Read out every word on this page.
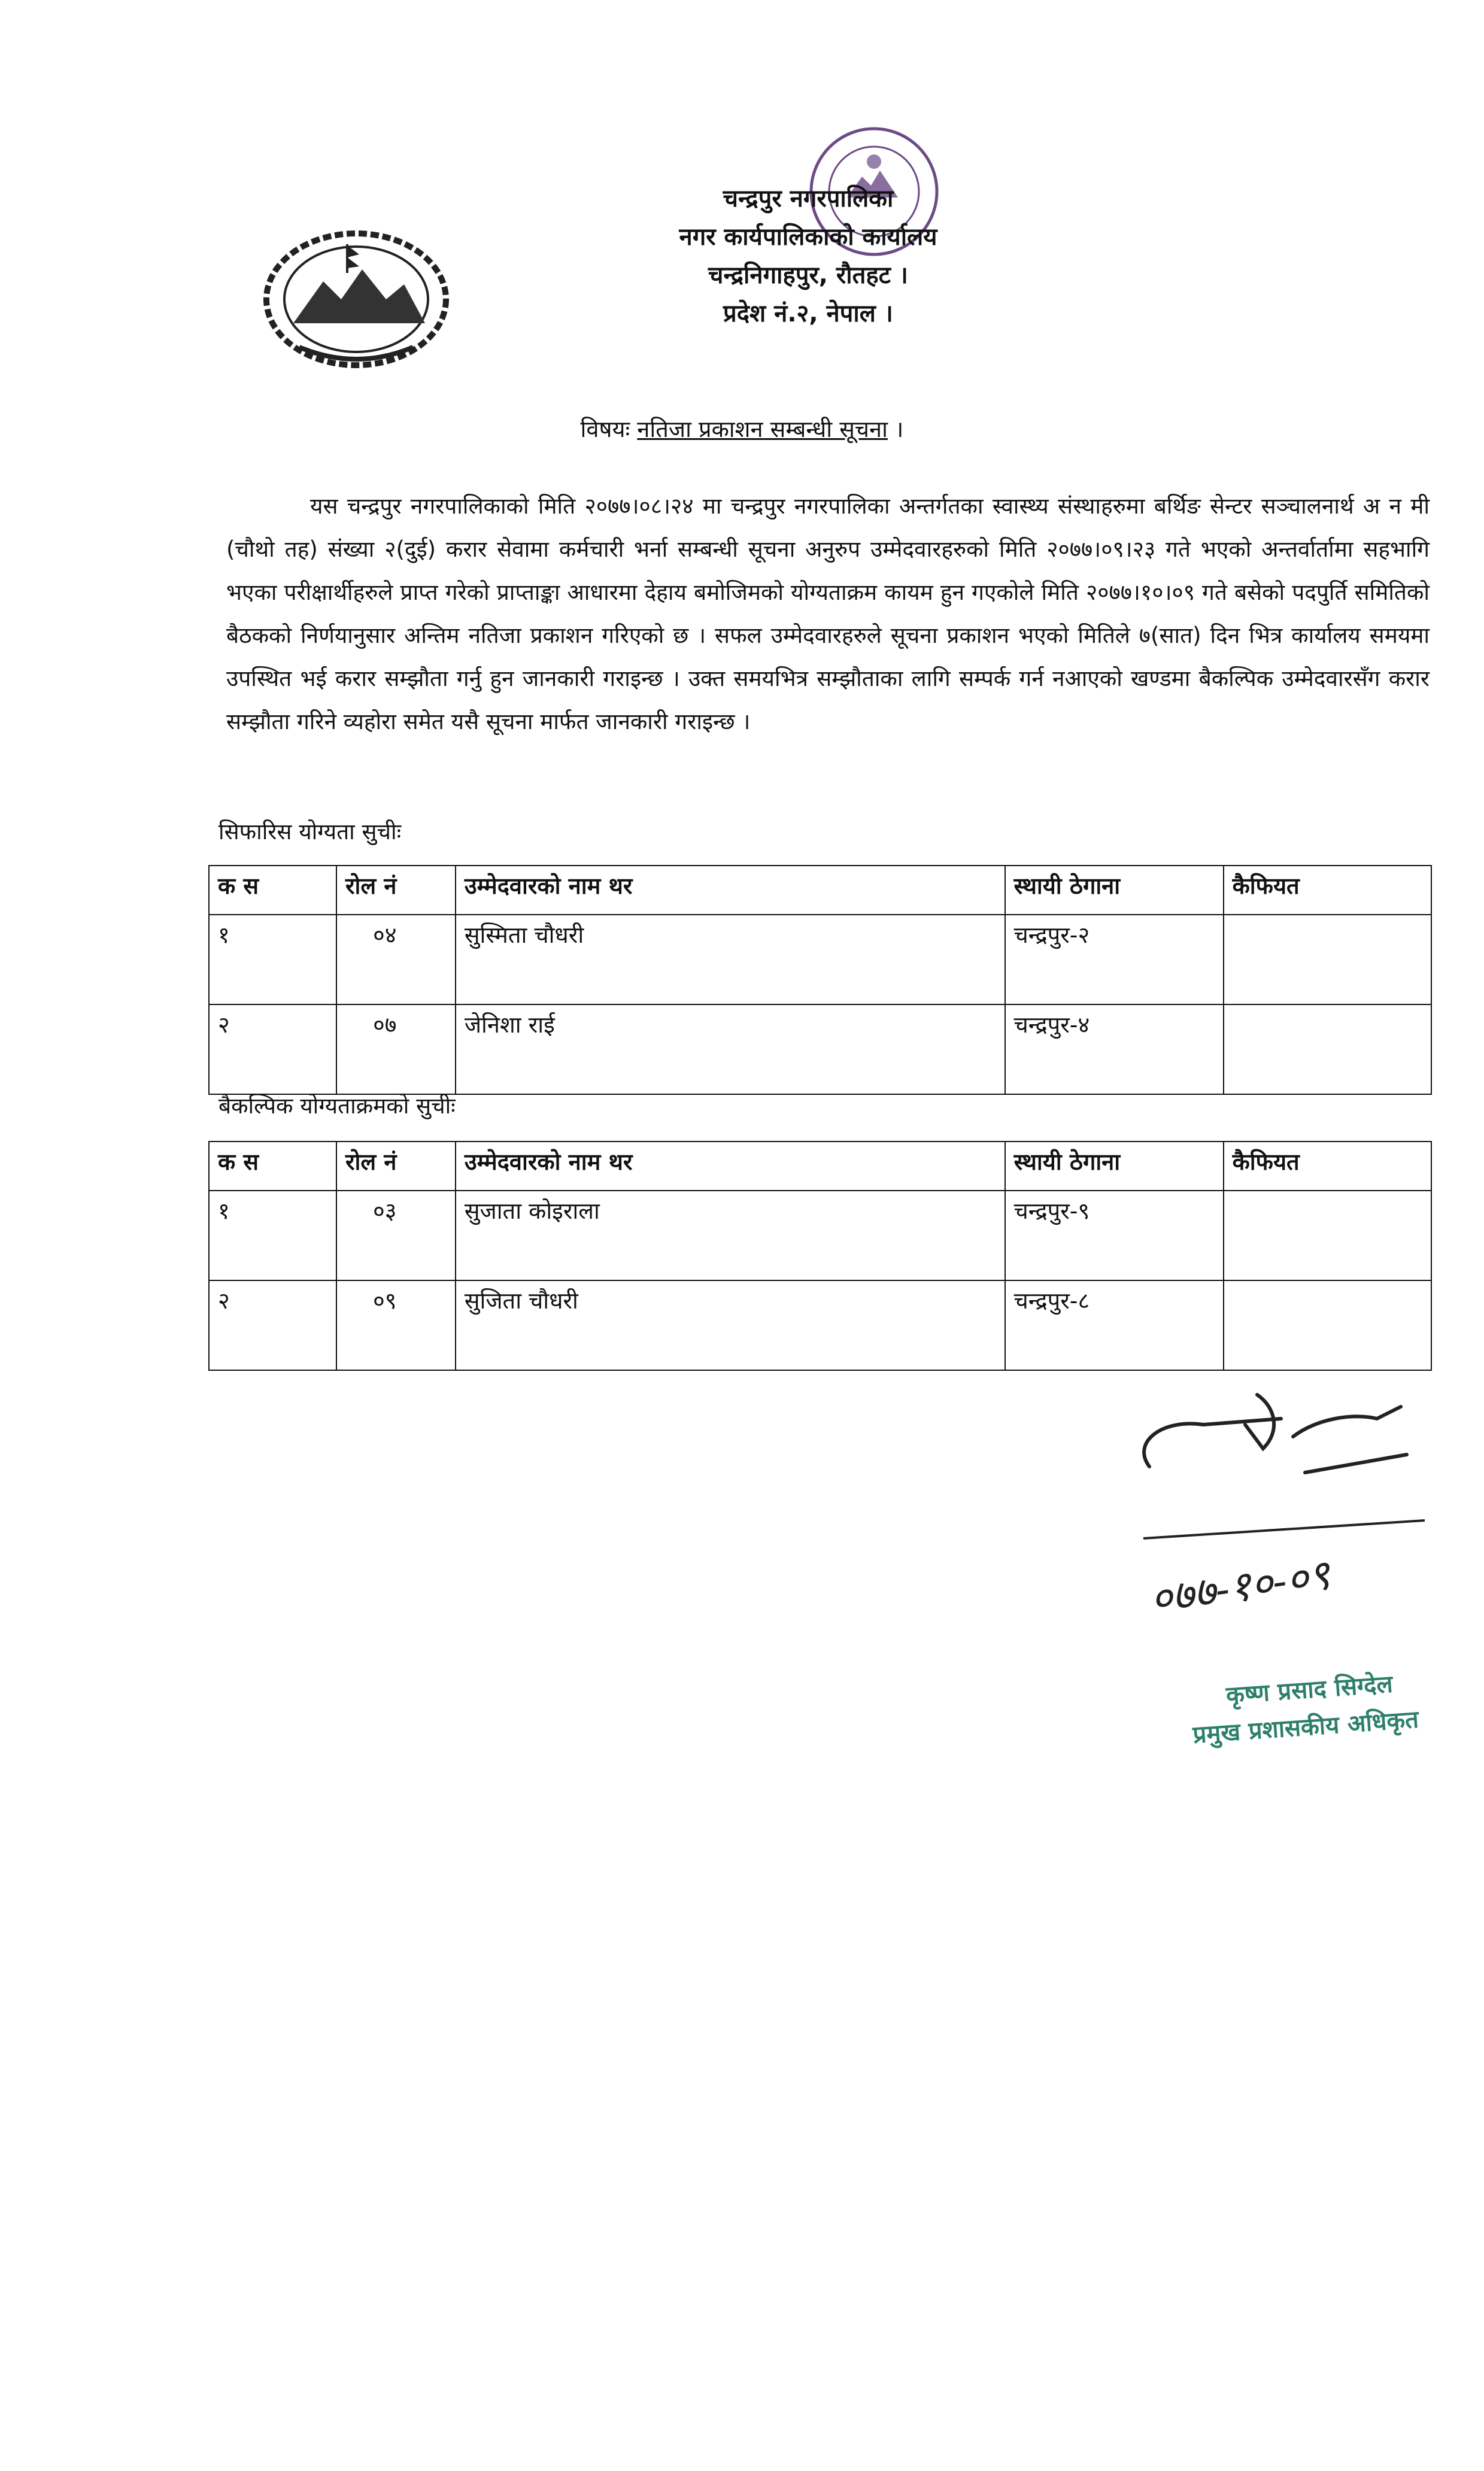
चन्द्रपुर नगरपालिका
नगर कार्यपालिकाको कार्यालय
चन्द्रनिगाहपुर, रौतहट ।
प्रदेश नं.२, नेपाल ।
विषयः नतिजा प्रकाशन सम्बन्धी सूचना ।
यस चन्द्रपुर नगरपालिकाको मिति २०७७।०८।२४ मा चन्द्रपुर नगरपालिका अन्तर्गतका स्वास्थ्य संस्थाहरुमा बर्थिङ सेन्टर सञ्चालनार्थ अ न मी (चौथो तह) संख्या २(दुई) करार सेवामा कर्मचारी भर्ना सम्बन्धी सूचना अनुरुप उम्मेदवारहरुको मिति २०७७।०९।२३ गते भएको अन्तर्वार्तामा सहभागि भएका परीक्षार्थीहरुले प्राप्त गरेको प्राप्ताङ्का आधारमा देहाय बमोजिमको योग्यताक्रम कायम हुन गएकोले मिति २०७७।१०।०९ गते बसेको पदपुर्ति समितिको बैठकको निर्णयानुसार अन्तिम नतिजा प्रकाशन गरिएको छ । सफल उम्मेदवारहरुले सूचना प्रकाशन भएको मितिले ७(सात) दिन भित्र कार्यालय समयमा उपस्थित भई करार सम्झौता गर्नु हुन जानकारी गराइन्छ । उक्त समयभित्र सम्झौताका लागि सम्पर्क गर्न नआएको खण्डमा बैकल्पिक उम्मेदवारसँग करार सम्झौता गरिने व्यहोरा समेत यसै सूचना मार्फत जानकारी गराइन्छ ।
सिफारिस योग्यता सुचीः
क स	रोल नं	उम्मेदवारको नाम थर	स्थायी ठेगाना	कैफियत
१	०४	सुस्मिता चौधरी	चन्द्रपुर-२	
२	०७	जेनिशा राई	चन्द्रपुर-४	
बैकल्पिक योग्यताक्रमको सुचीः
क स	रोल नं	उम्मेदवारको नाम थर	स्थायी ठेगाना	कैफियत
१	०३	सुजाता कोइराला	चन्द्रपुर-९	
२	०९	सुजिता चौधरी	चन्द्रपुर-८	
०७७-१०-०९
कृष्ण प्रसाद सिग्देल
प्रमुख प्रशासकीय अधिकृत
